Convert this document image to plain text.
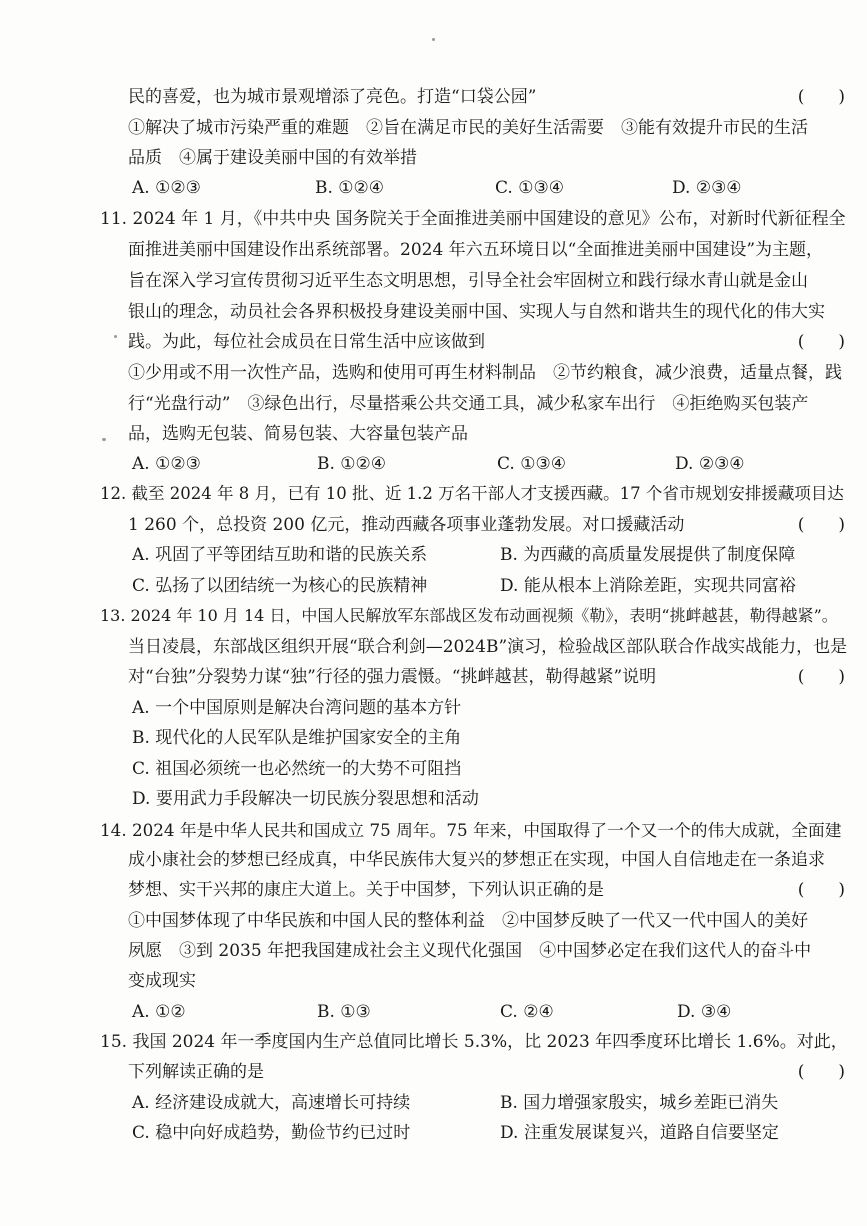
民的喜爱，也为城市景观增添了亮色。打造“口袋公园”	(　　)
①解决了城市污染严重的难题　②旨在满足市民的美好生活需要　③能有效提升市民的生活
品质　④属于建设美丽中国的有效举措
A. ①②③	B. ①②④	C. ①③④	D. ②③④
11. 2024 年 1 月，《中共中央 国务院关于全面推进美丽中国建设的意见》公布，对新时代新征程全
面推进美丽中国建设作出系统部署。2024 年六五环境日以“全面推进美丽中国建设”为主题，
旨在深入学习宣传贯彻习近平生态文明思想，引导全社会牢固树立和践行绿水青山就是金山
银山的理念，动员社会各界积极投身建设美丽中国、实现人与自然和谐共生的现代化的伟大实
践。为此，每位社会成员在日常生活中应该做到	(　　)
①少用或不用一次性产品，选购和使用可再生材料制品　②节约粮食，减少浪费，适量点餐，践
行“光盘行动”　③绿色出行，尽量搭乘公共交通工具，减少私家车出行　④拒绝购买包装产
品，选购无包装、简易包装、大容量包装产品
A. ①②③	B. ①②④	C. ①③④	D. ②③④
12. 截至 2024 年 8 月，已有 10 批、近 1.2 万名干部人才支援西藏。17 个省市规划安排援藏项目达
1 260 个，总投资 200 亿元，推动西藏各项事业蓬勃发展。对口援藏活动	(　　)
A. 巩固了平等团结互助和谐的民族关系	B. 为西藏的高质量发展提供了制度保障
C. 弘扬了以团结统一为核心的民族精神	D. 能从根本上消除差距，实现共同富裕
13. 2024 年 10 月 14 日，中国人民解放军东部战区发布动画视频《勒》，表明“挑衅越甚，勒得越紧”。
当日凌晨，东部战区组织开展“联合利剑—2024B”演习，检验战区部队联合作战实战能力，也是
对“台独”分裂势力谋“独”行径的强力震慑。“挑衅越甚，勒得越紧”说明	(　　)
A. 一个中国原则是解决台湾问题的基本方针
B. 现代化的人民军队是维护国家安全的主角
C. 祖国必须统一也必然统一的大势不可阻挡
D. 要用武力手段解决一切民族分裂思想和活动
14. 2024 年是中华人民共和国成立 75 周年。75 年来，中国取得了一个又一个的伟大成就，全面建
成小康社会的梦想已经成真，中华民族伟大复兴的梦想正在实现，中国人自信地走在一条追求
梦想、实干兴邦的康庄大道上。关于中国梦，下列认识正确的是	(　　)
①中国梦体现了中华民族和中国人民的整体利益　②中国梦反映了一代又一代中国人的美好
夙愿　③到 2035 年把我国建成社会主义现代化强国　④中国梦必定在我们这代人的奋斗中
变成现实
A. ①②	B. ①③	C. ②④	D. ③④
15. 我国 2024 年一季度国内生产总值同比增长 5.3%，比 2023 年四季度环比增长 1.6%。对此，
下列解读正确的是	(　　)
A. 经济建设成就大，高速增长可持续	B. 国力增强家殷实，城乡差距已消失
C. 稳中向好成趋势，勤俭节约已过时	D. 注重发展谋复兴，道路自信要坚定
